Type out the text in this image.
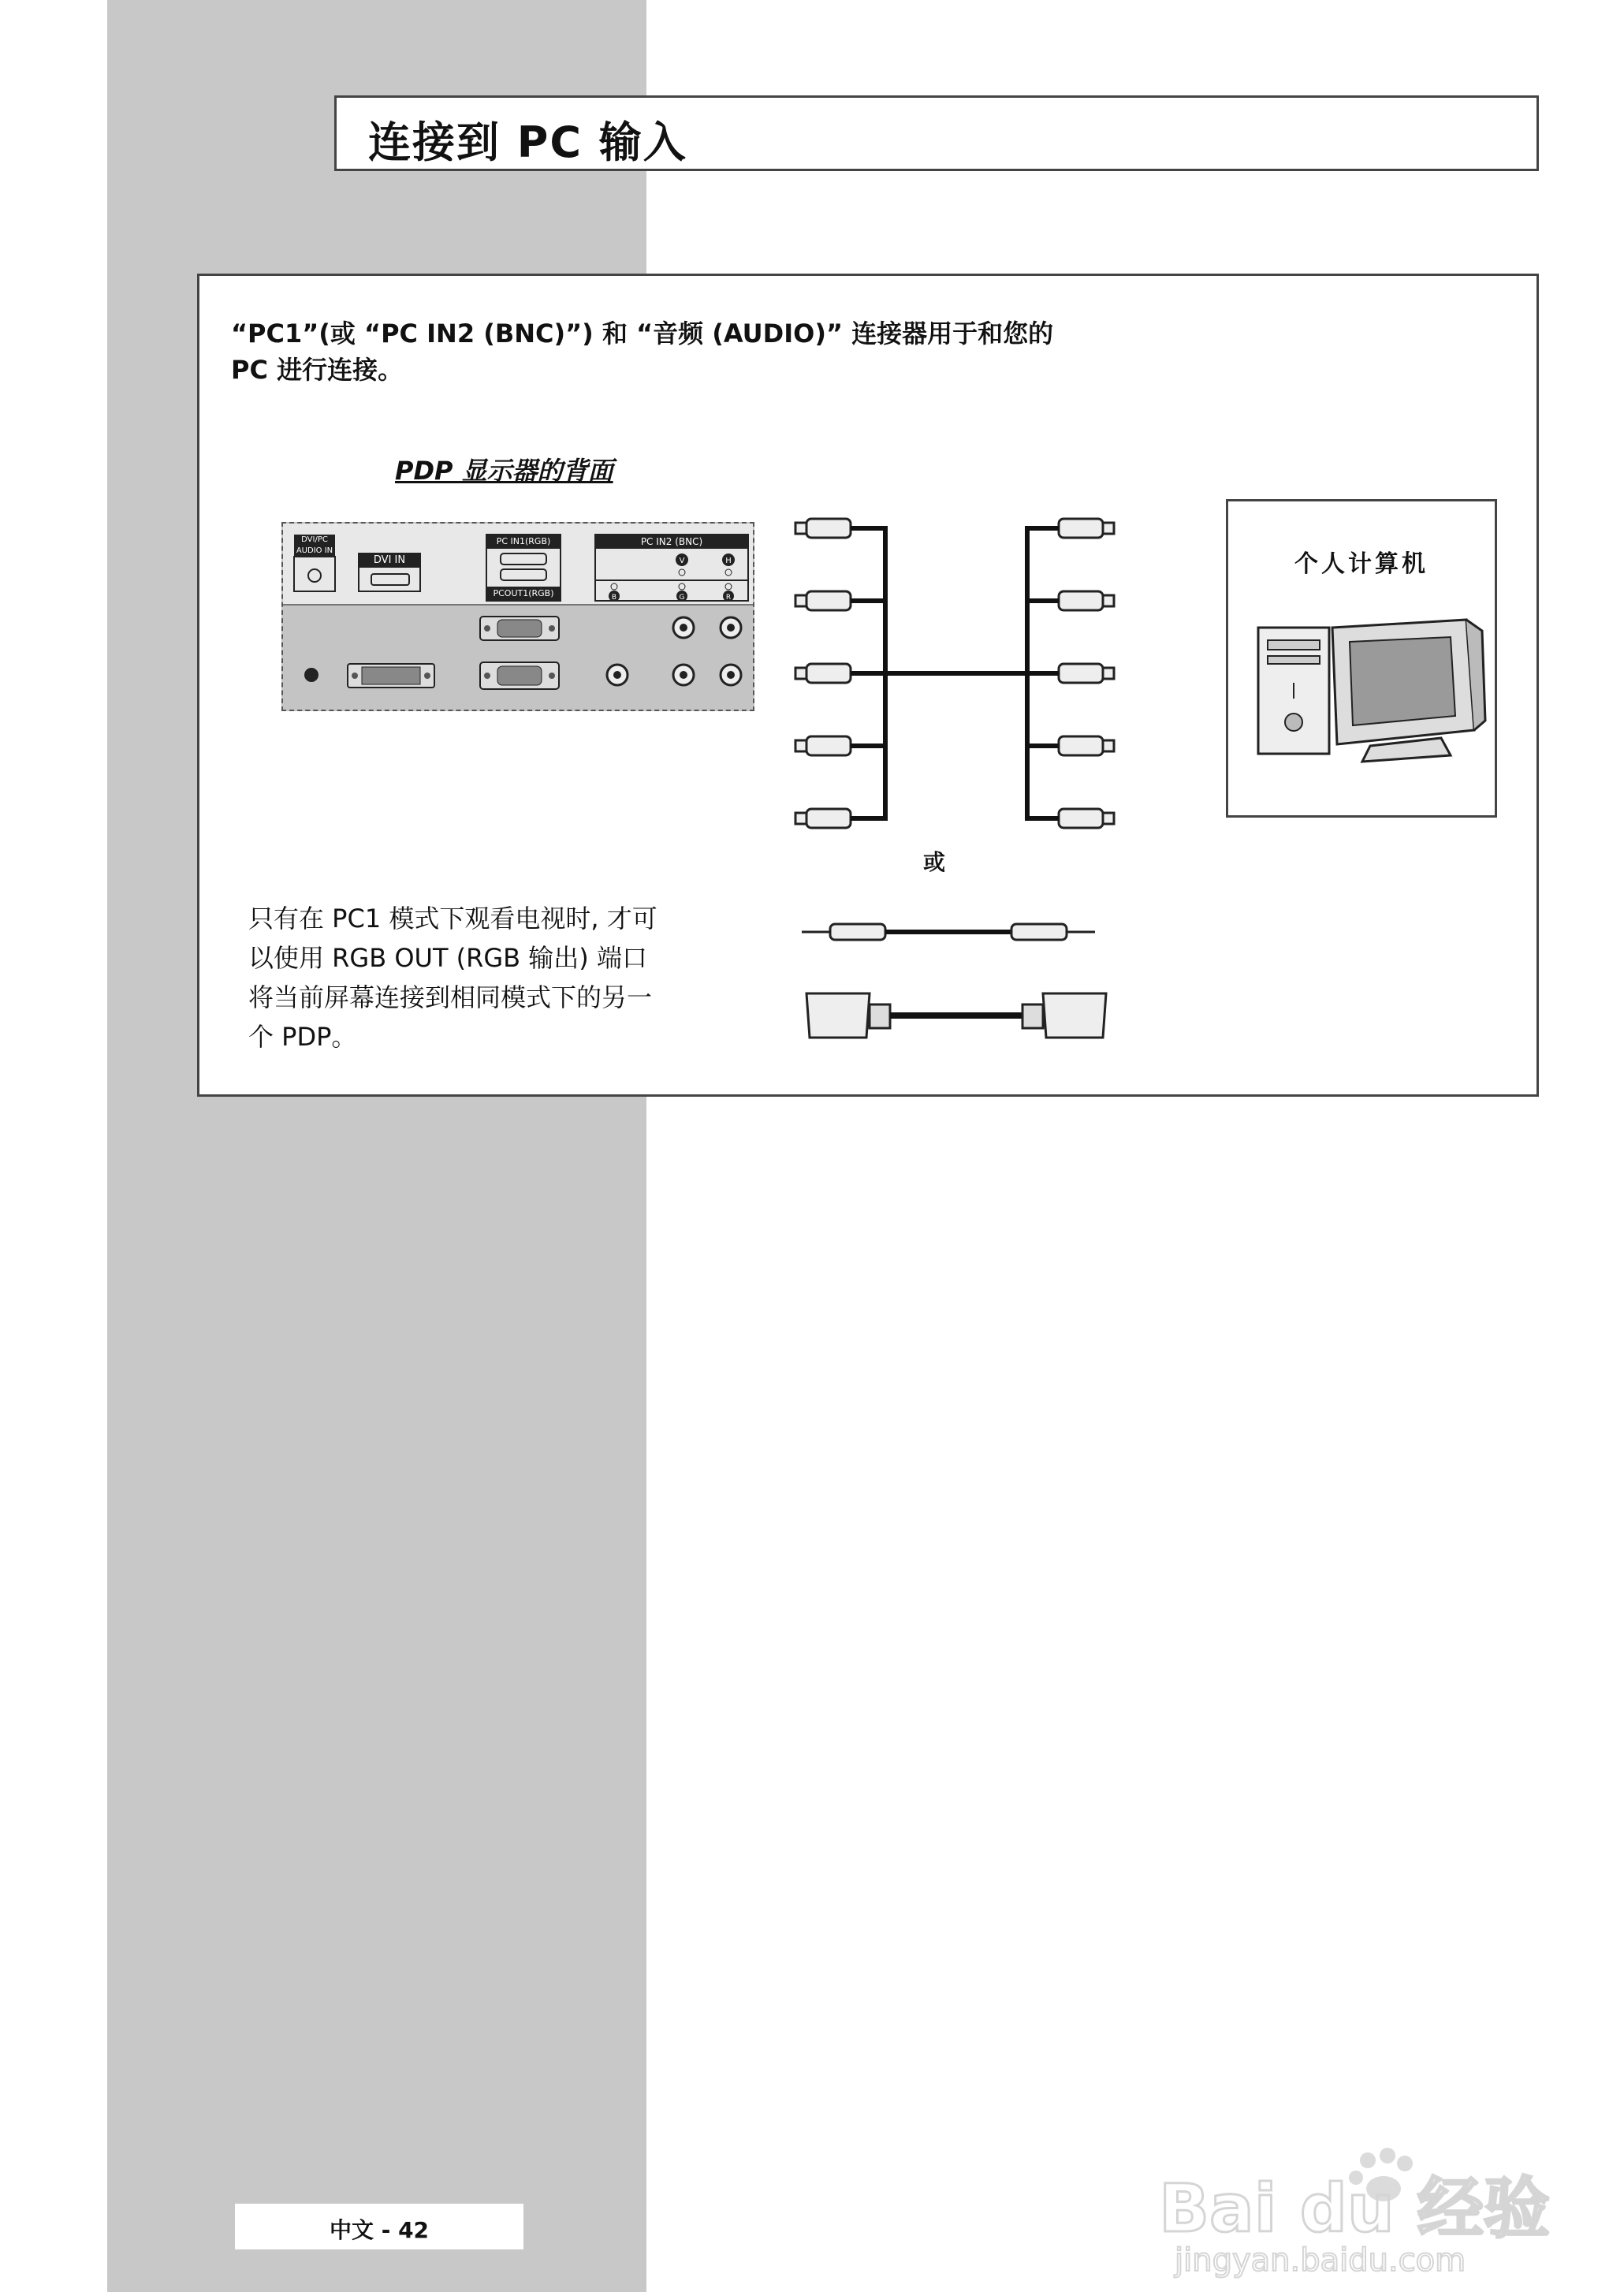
连接到 PC 输入
“PC1”(或 “PC IN2 (BNC)”) 和 “音频 (AUDIO)” 连接器用于和您的
PC 进行连接。
PDP 显示器的背面
DVI/PC AUDIO IN
DVI IN
PC IN1(RGB)
PCOUT1(RGB)
PC IN2 (BNC)
V	H
B	G	R
个人计算机
或
只有在 PC1 模式下观看电视时, 才可
以使用 RGB OUT (RGB 输出) 端口
将当前屏幕连接到相同模式下的另一
个 PDP。
中文 - 42	Bai du 经验
jingyan.baidu.com
